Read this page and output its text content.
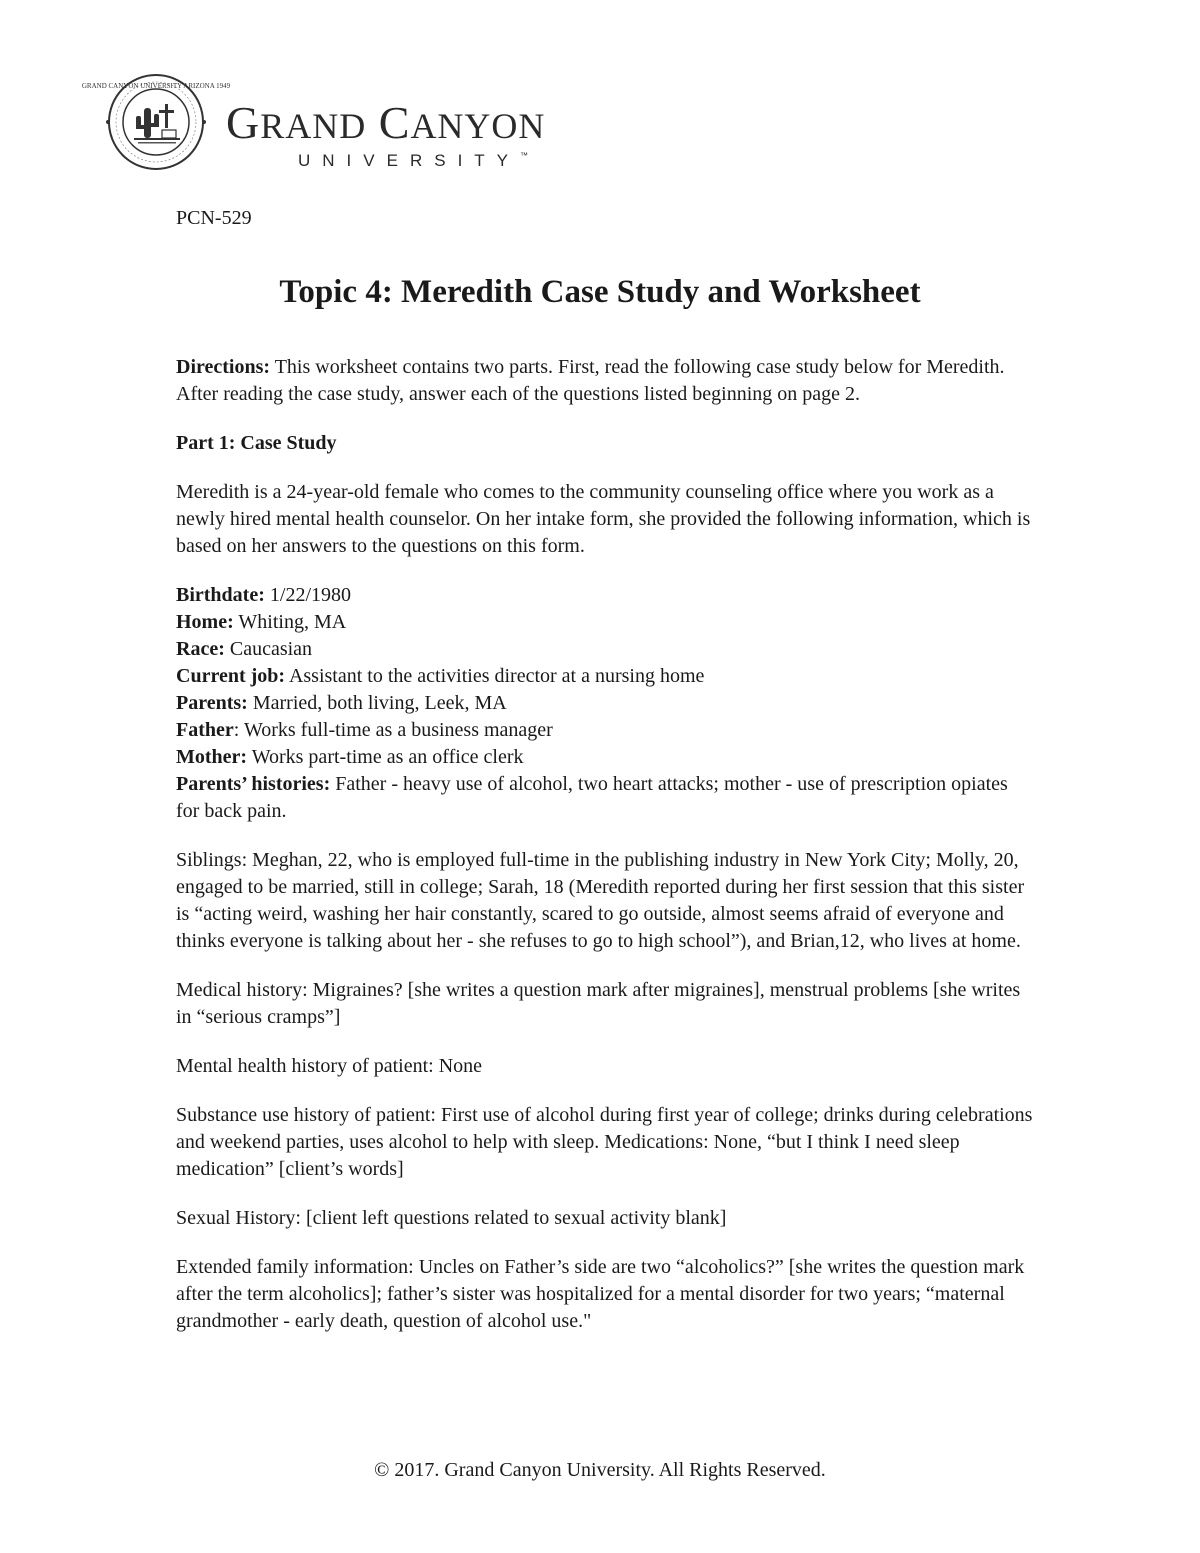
GRAND CANYON UNIVERSITY ARIZONA 1949
GRAND CANYON
UNIVERSITY™
PCN-529
Topic 4: Meredith Case Study and Worksheet

Directions: This worksheet contains two parts. First, read the following case study below for Meredith. After reading the case study, answer each of the questions listed beginning on page 2.

Part 1: Case Study

Meredith is a 24-year-old female who comes to the community counseling office where you work as a newly hired mental health counselor. On her intake form, she provided the following information, which is based on her answers to the questions on this form.

Birthdate: 1/22/1980
Home: Whiting, MA
Race: Caucasian
Current job: Assistant to the activities director at a nursing home
Parents: Married, both living, Leek, MA
Father: Works full-time as a business manager
Mother: Works part-time as an office clerk
Parents’ histories: Father - heavy use of alcohol, two heart attacks; mother - use of prescription opiates for back pain.

Siblings: Meghan, 22, who is employed full-time in the publishing industry in New York City; Molly, 20, engaged to be married, still in college; Sarah, 18 (Meredith reported during her first session that this sister is “acting weird, washing her hair constantly, scared to go outside, almost seems afraid of everyone and thinks everyone is talking about her - she refuses to go to high school”), and Brian,12, who lives at home.

Medical history: Migraines? [she writes a question mark after migraines], menstrual problems [she writes in “serious cramps”]

Mental health history of patient: None

Substance use history of patient: First use of alcohol during first year of college; drinks during celebrations and weekend parties, uses alcohol to help with sleep. Medications: None, “but I think I need sleep medication” [client’s words]

Sexual History: [client left questions related to sexual activity blank]

Extended family information: Uncles on Father’s side are two “alcoholics?” [she writes the question mark after the term alcoholics]; father’s sister was hospitalized for a mental disorder for two years; “maternal grandmother - early death, question of alcohol use."

© 2017. Grand Canyon University. All Rights Reserved.
